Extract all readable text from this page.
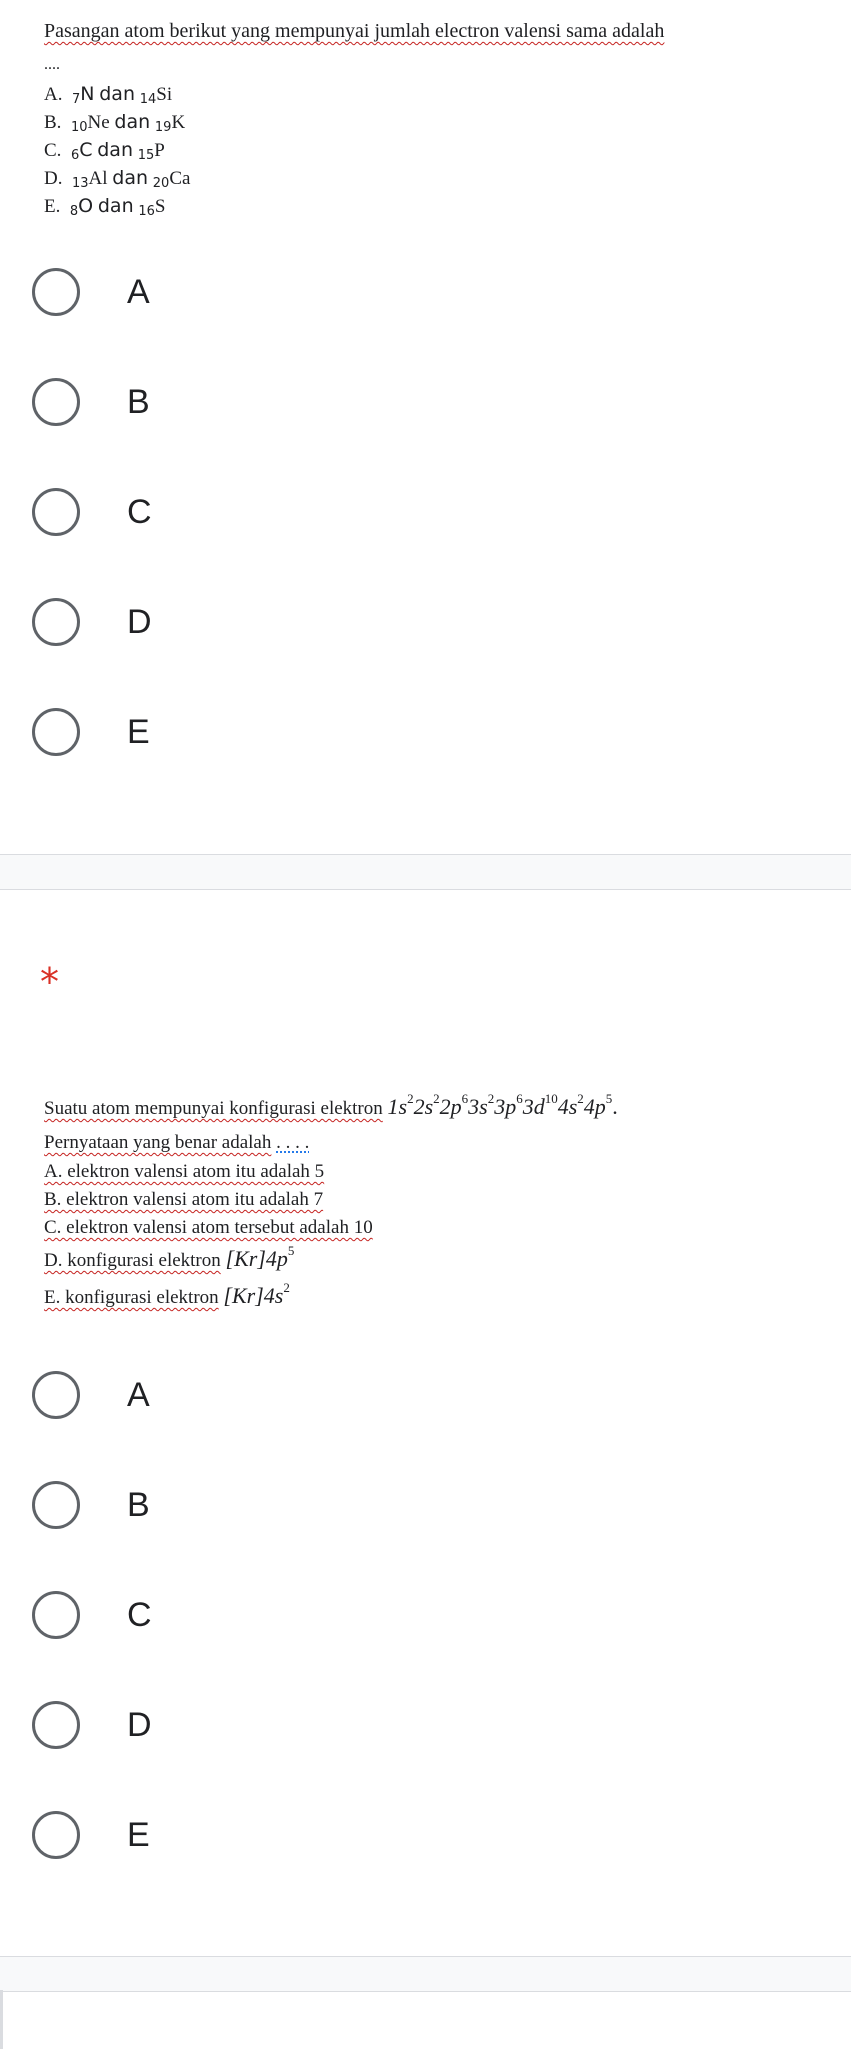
Pasangan atom berikut yang mempunyai jumlah electron valensi sama adalah
....
A. $_7$N dan $_{14}$Si
B. $_{10}$Ne dan $_{19}$K
C. $_6$C dan $_{15}$P
D. $_{13}$Al dan $_{20}$Ca
E. $_8$O dan $_{16}$S
A
B
C
D
E
*
Suatu atom mempunyai konfigurasi elektron $1s^22s^22p^63s^23p^63d^{10}4s^24p^5$.
Pernyataan yang benar adalah . . . .
A. elektron valensi atom itu adalah 5
B. elektron valensi atom itu adalah 7
C. elektron valensi atom tersebut adalah 10
D. konfigurasi elektron $[Kr]4p^5$
E. konfigurasi elektron $[Kr]4s^2$
A
B
C
D
E
